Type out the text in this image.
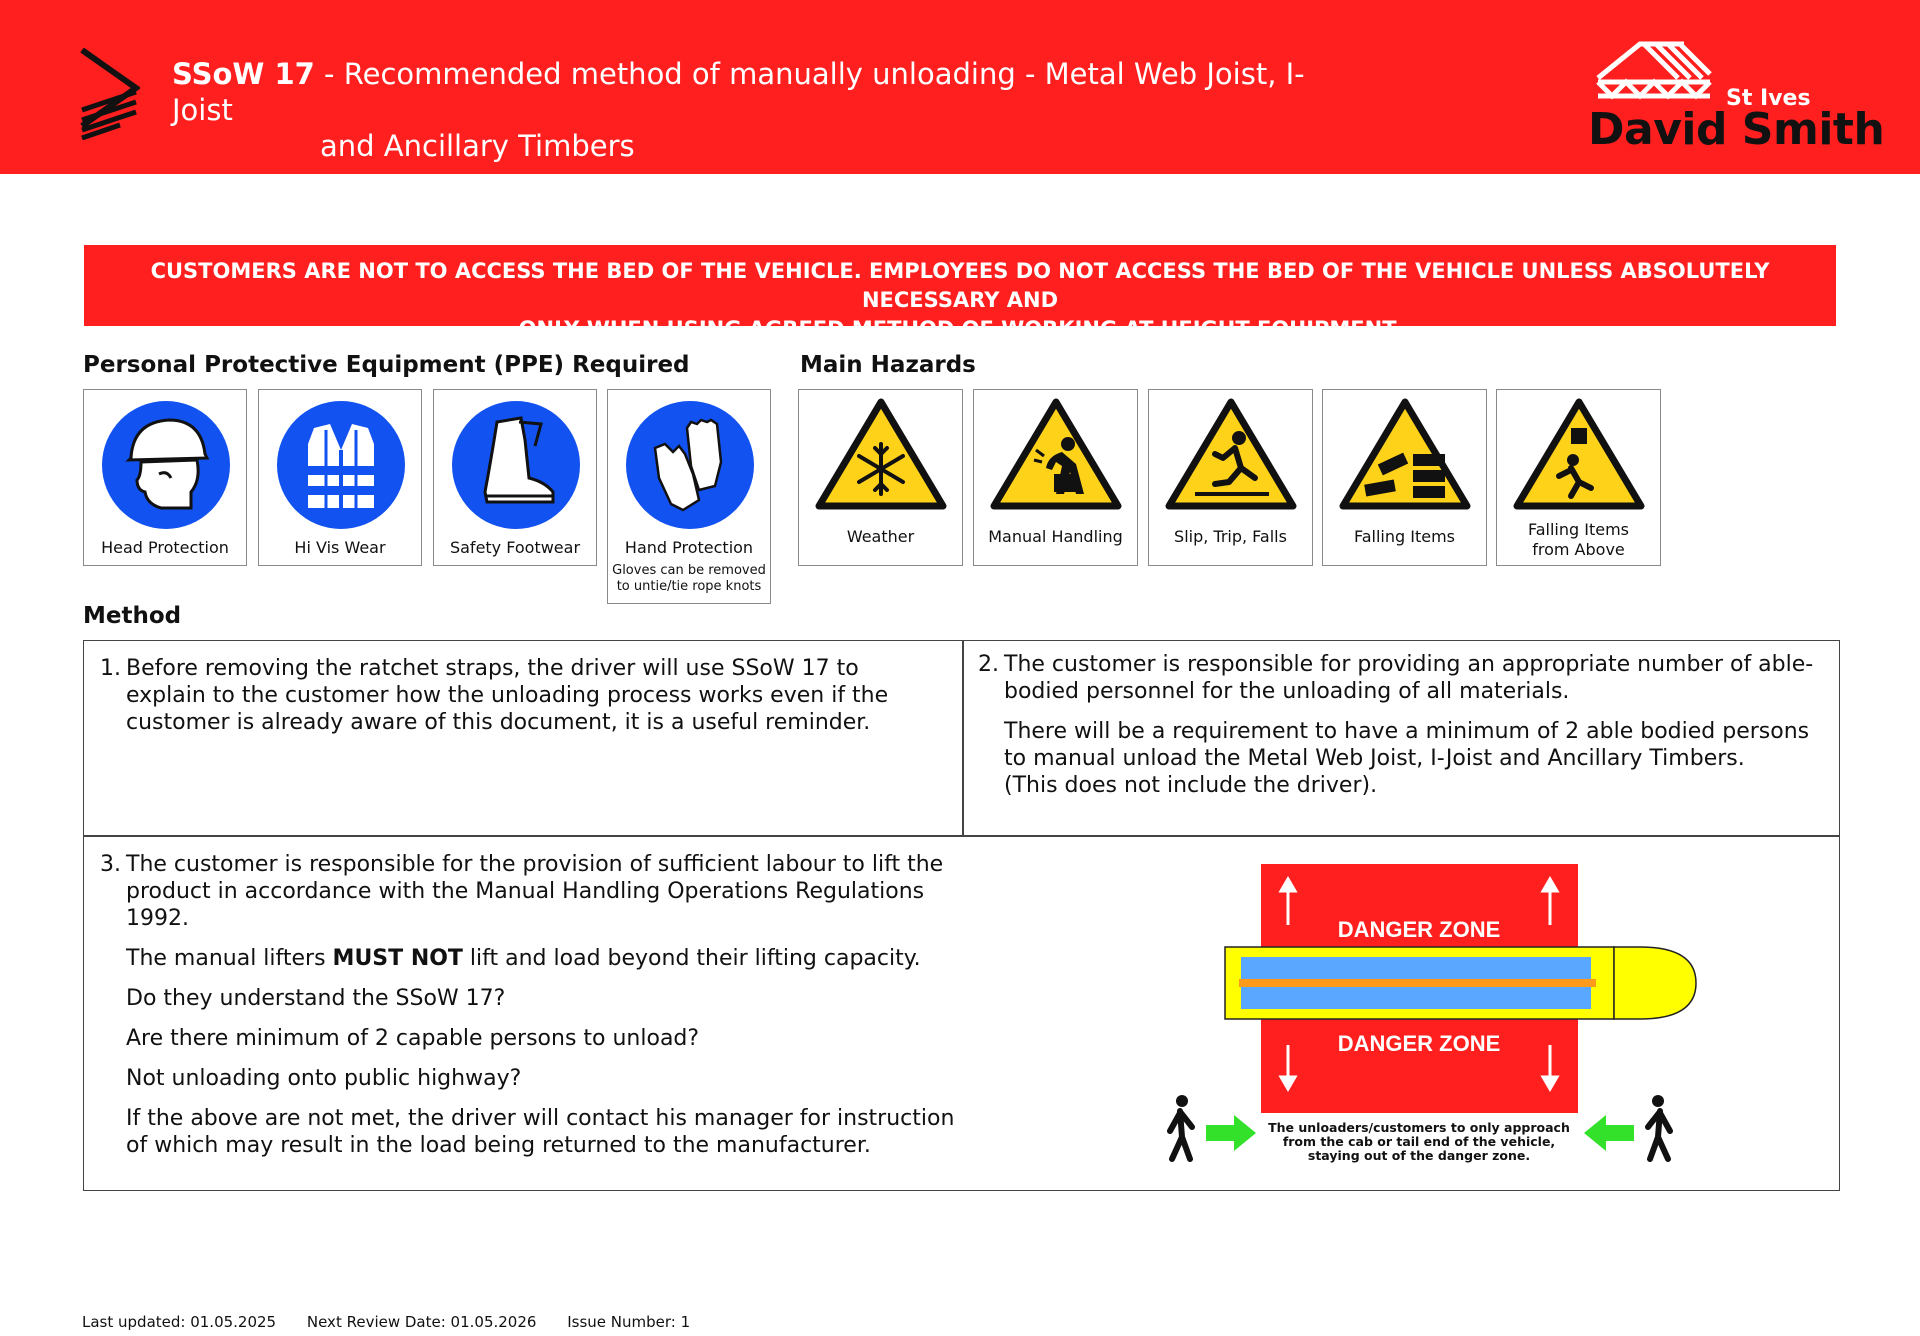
SSoW 17 - Recommended method of manually unloading - Metal Web Joist, I-Joist
and Ancillary Timbers
St Ives
David Smith
CUSTOMERS ARE NOT TO ACCESS THE BED OF THE VEHICLE. EMPLOYEES DO NOT ACCESS THE BED OF THE VEHICLE UNLESS ABSOLUTELY NECESSARY AND
ONLY WHEN USING AGREED METHOD OF WORKING AT HEIGHT EQUIPMENT.
Personal Protective Equipment (PPE) Required
Head Protection	Hi Vis Wear	Safety Footwear	Hand Protection
Gloves can be removed
to untie/tie rope knots
Main Hazards
Weather	Manual Handling	Slip, Trip, Falls	Falling Items	Falling Items
from Above
Method
1. Before removing the ratchet straps, the driver will use SSoW 17 to explain to the customer how the unloading process works even if the customer is already aware of this document, it is a useful reminder.

2. The customer is responsible for providing an appropriate number of able-bodied personnel for the unloading of all materials.

There will be a requirement to have a minimum of 2 able bodied persons to manual unload the Metal Web Joist, I-Joist and Ancillary Timbers.

(This does not include the driver).

3. The customer is responsible for the provision of sufficient labour to lift the product in accordance with the Manual Handling Operations Regulations 1992.

The manual lifters MUST NOT lift and load beyond their lifting capacity.

Do they understand the SSoW 17?

Are there minimum of 2 capable persons to unload?

Not unloading onto public highway?

If the above are not met, the driver will contact his manager for instruction of which may result in the load being returned to the manufacturer.

DANGER ZONE
DANGER ZONE
The unloaders/customers to only approach
from the cab or tail end of the vehicle,
staying out of the danger zone.
Last updated: 01.05.2025 Next Review Date: 01.05.2026 Issue Number: 1
